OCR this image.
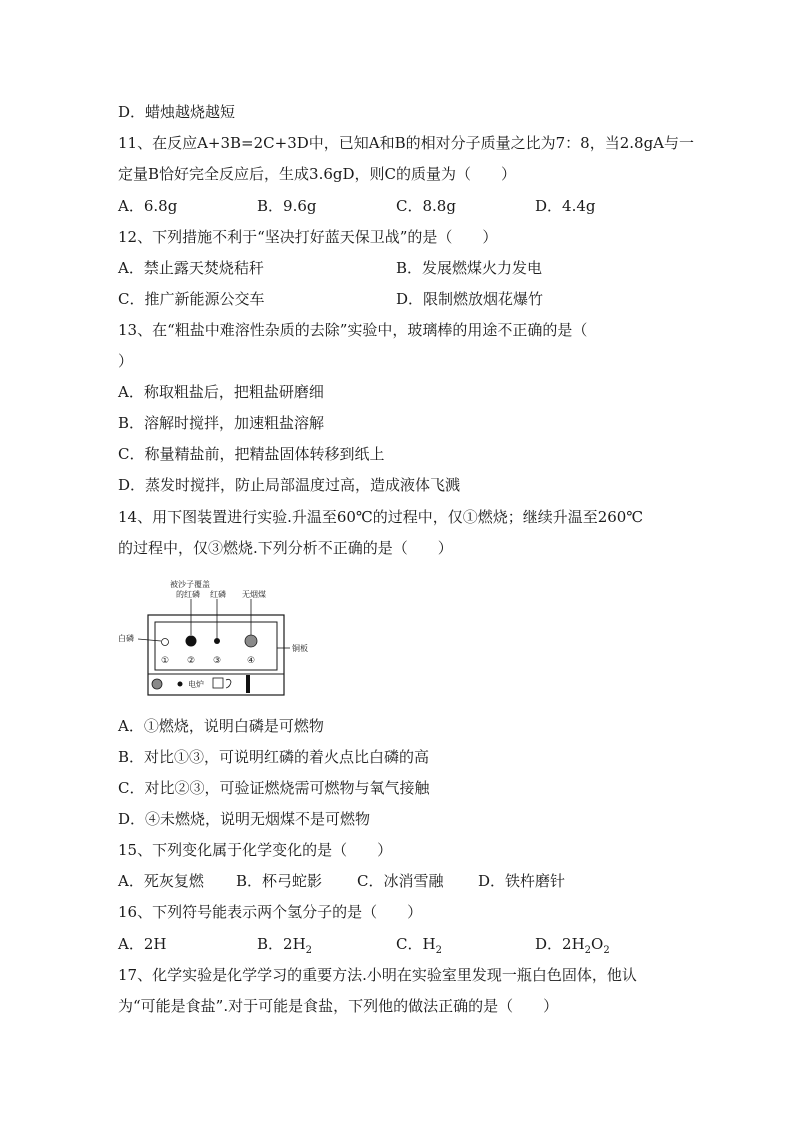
D．蜡烛越烧越短
11、在反应A+3B=2C+3D中，已知A和B的相对分子质量之比为7：8，当2.8gA与一
定量B恰好完全反应后，生成3.6gD，则C的质量为（　　）
A．6.8g	B．9.6g	C．8.8g	D．4.4g
12、下列措施不利于“坚决打好蓝天保卫战”的是（　　）
A．禁止露天焚烧秸秆	B．发展燃煤火力发电
C．推广新能源公交车	D．限制燃放烟花爆竹
13、在“粗盐中难溶性杂质的去除”实验中，玻璃棒的用途不正确的是（
）
A．称取粗盐后，把粗盐研磨细
B．溶解时搅拌，加速粗盐溶解
C．称量精盐前，把精盐固体转移到纸上
D．蒸发时搅拌，防止局部温度过高，造成液体飞溅
14、用下图装置进行实验.升温至60℃的过程中，仅①燃烧；继续升温至260℃
的过程中，仅③燃烧.下列分析不正确的是（　　）
被沙子覆盖
的红磷 红磷 无烟煤
白磷
铜板
① ② ③	④
电炉
A．①燃烧，说明白磷是可燃物
B．对比①③，可说明红磷的着火点比白磷的高
C．对比②③，可验证燃烧需可燃物与氧气接触
D．④未燃烧，说明无烟煤不是可燃物
15、下列变化属于化学变化的是（　　）
A．死灰复燃 B．杯弓蛇影 C．冰消雪融 D．铁杵磨针
16、下列符号能表示两个氢分子的是（　　）
A．2H	B．$2H_2$	C．$H_2$	D．$2H_2O_2$
17、化学实验是化学学习的重要方法.小明在实验室里发现一瓶白色固体，他认
为“可能是食盐”.对于可能是食盐，下列他的做法正确的是（　　）
